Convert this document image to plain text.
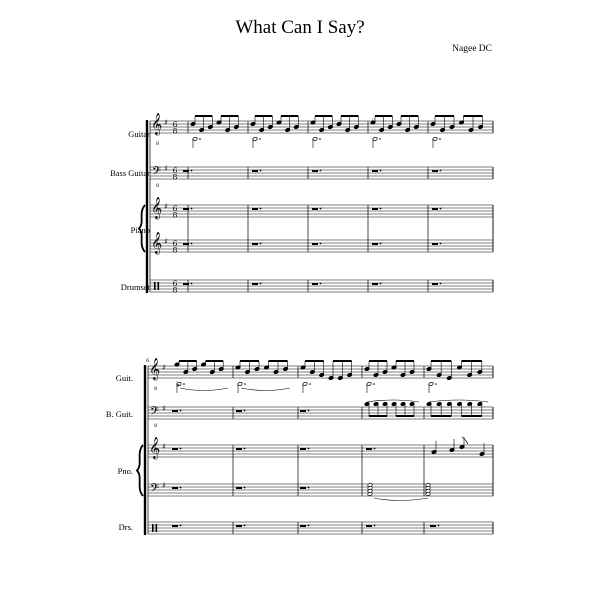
What Can I Say?
Nagee DC
Guitar
Bass Guitar
Piano
Drumset
Guit.
B. Guit.
Pno.
Drs.
𝄞 ♯ 6
8
𝄢 ♯ 6
8
𝄞 ♯ 6
8
𝄞 ♯ 6
8
6
8
8
8
♭
6 𝄞 ♯
𝄢 ♯
𝄞 ♯
𝄢 ♯
8
8
♭
